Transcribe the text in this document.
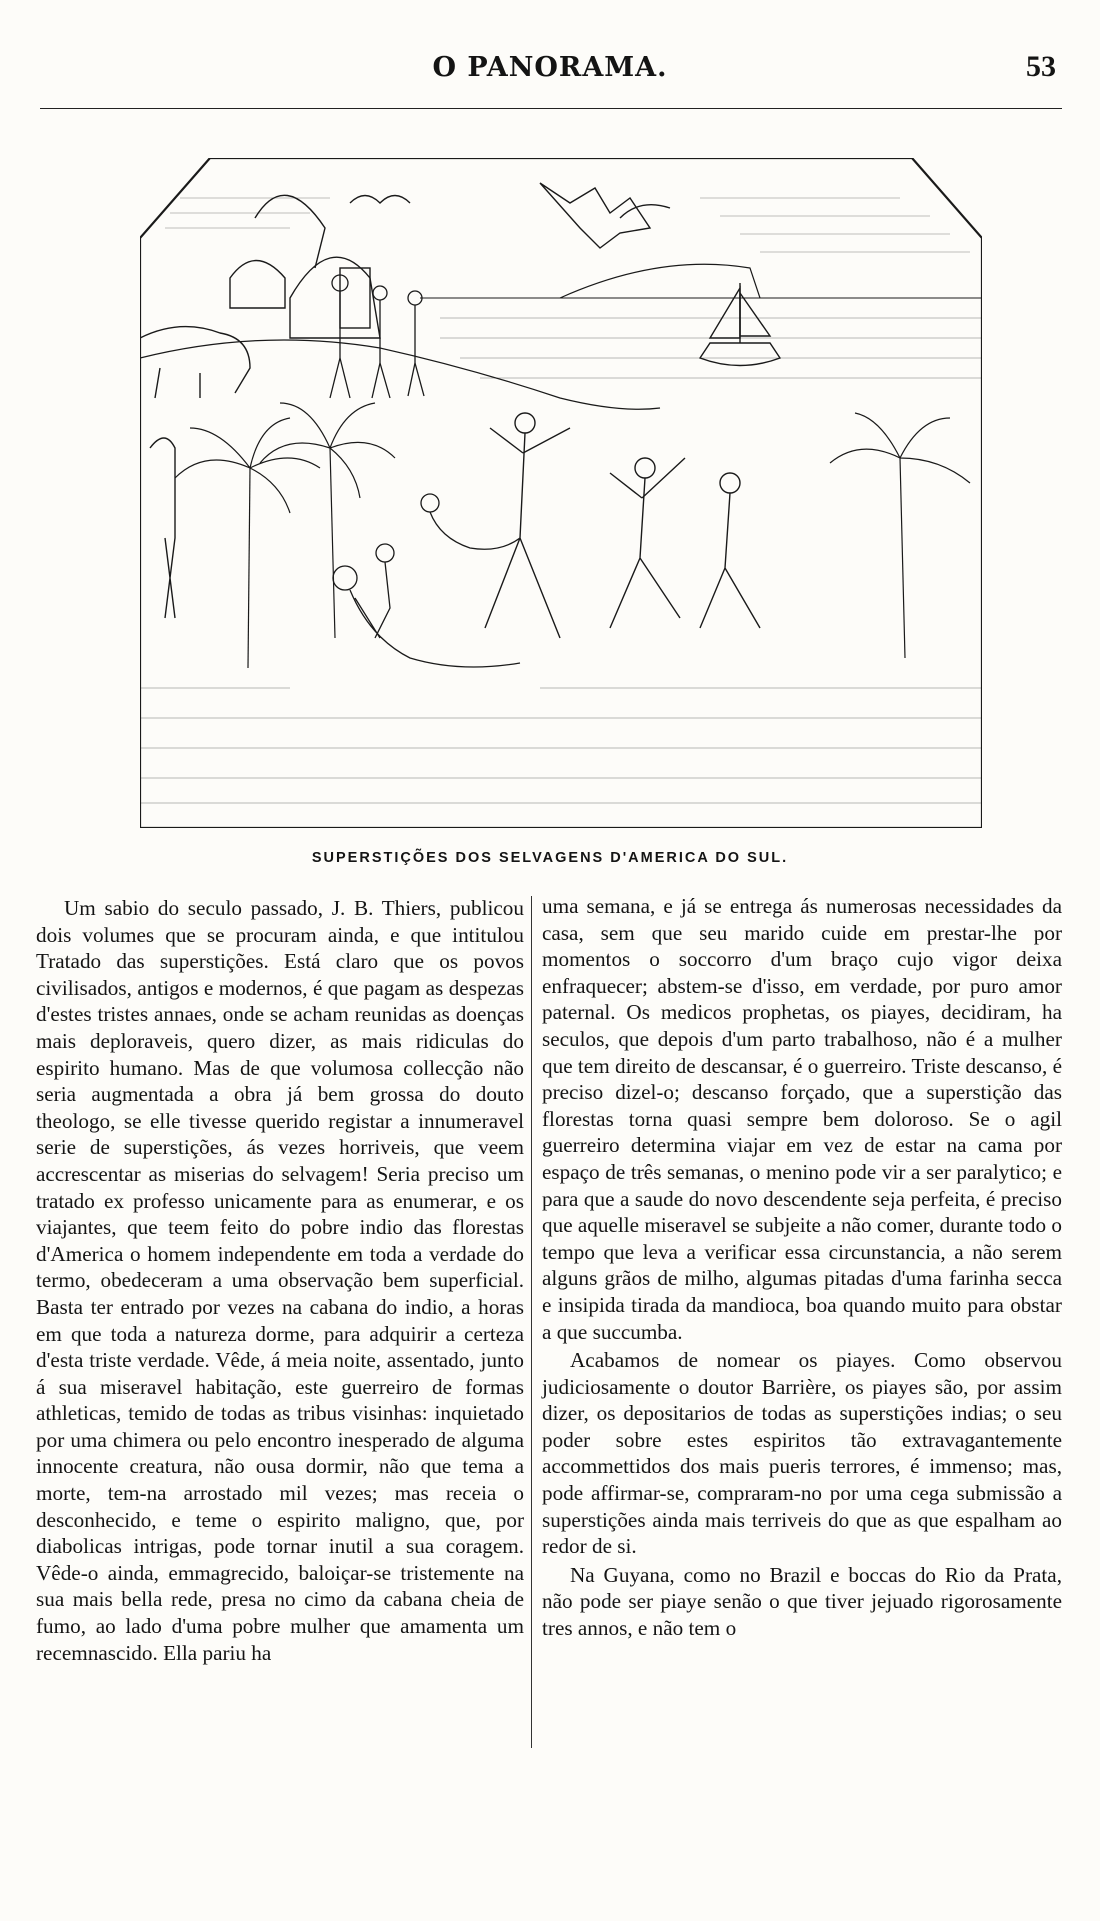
O PANORAMA.	53
SUPERSTIÇÕES DOS SELVAGENS D'AMERICA DO SUL.

Um sabio do seculo passado, J. B. Thiers, publicou dois volumes que se procuram ainda, e que intitulou Tratado das superstições. Está claro que os povos civilisados, antigos e modernos, é que pagam as despezas d'estes tristes annaes, onde se acham reunidas as doenças mais deploraveis, quero dizer, as mais ridiculas do espirito humano. Mas de que volumosa collecção não seria augmentada a obra já bem grossa do douto theologo, se elle tivesse querido registar a innumeravel serie de superstições, ás vezes horriveis, que veem accrescentar as miserias do selvagem! Seria preciso um tratado ex professo unicamente para as enumerar, e os viajantes, que teem feito do pobre indio das florestas d'America o homem independente em toda a verdade do termo, obedeceram a uma observação bem superficial. Basta ter entrado por vezes na cabana do indio, a horas em que toda a natureza dorme, para adquirir a certeza d'esta triste verdade. Vêde, á meia noite, assentado, junto á sua miseravel habitação, este guerreiro de formas athleticas, temido de todas as tribus visinhas: inquietado por uma chimera ou pelo encontro inesperado de alguma innocente creatura, não ousa dormir, não que tema a morte, tem-na arrostado mil vezes; mas receia o desconhecido, e teme o espirito maligno, que, por diabolicas intrigas, pode tornar inutil a sua coragem. Vêde-o ainda, emmagrecido, baloiçar-se tristemente na sua mais bella rede, presa no cimo da cabana cheia de fumo, ao lado d'uma pobre mulher que amamenta um recemnascido. Ella pariu ha

uma semana, e já se entrega ás numerosas necessidades da casa, sem que seu marido cuide em prestar-lhe por momentos o soccorro d'um braço cujo vigor deixa enfraquecer; abstem-se d'isso, em verdade, por puro amor paternal. Os medicos prophetas, os piayes, decidiram, ha seculos, que depois d'um parto trabalhoso, não é a mulher que tem direito de descansar, é o guerreiro. Triste descanso, é preciso dizel-o; descanso forçado, que a superstição das florestas torna quasi sempre bem doloroso. Se o agil guerreiro determina viajar em vez de estar na cama por espaço de três semanas, o menino pode vir a ser paralytico; e para que a saude do novo descendente seja perfeita, é preciso que aquelle miseravel se subjeite a não comer, durante todo o tempo que leva a verificar essa circunstancia, a não serem alguns grãos de milho, algumas pitadas d'uma farinha secca e insipida tirada da mandioca, boa quando muito para obstar a que succumba.

Acabamos de nomear os piayes. Como observou judiciosamente o doutor Barrière, os piayes são, por assim dizer, os depositarios de todas as superstições indias; o seu poder sobre estes espiritos tão extravagantemente accommettidos dos mais pueris terrores, é immenso; mas, pode affirmar-se, compraram-no por uma cega submissão a superstições ainda mais terriveis do que as que espalham ao redor de si.

Na Guyana, como no Brazil e boccas do Rio da Prata, não pode ser piaye senão o que tiver jejuado rigorosamente tres annos, e não tem o
